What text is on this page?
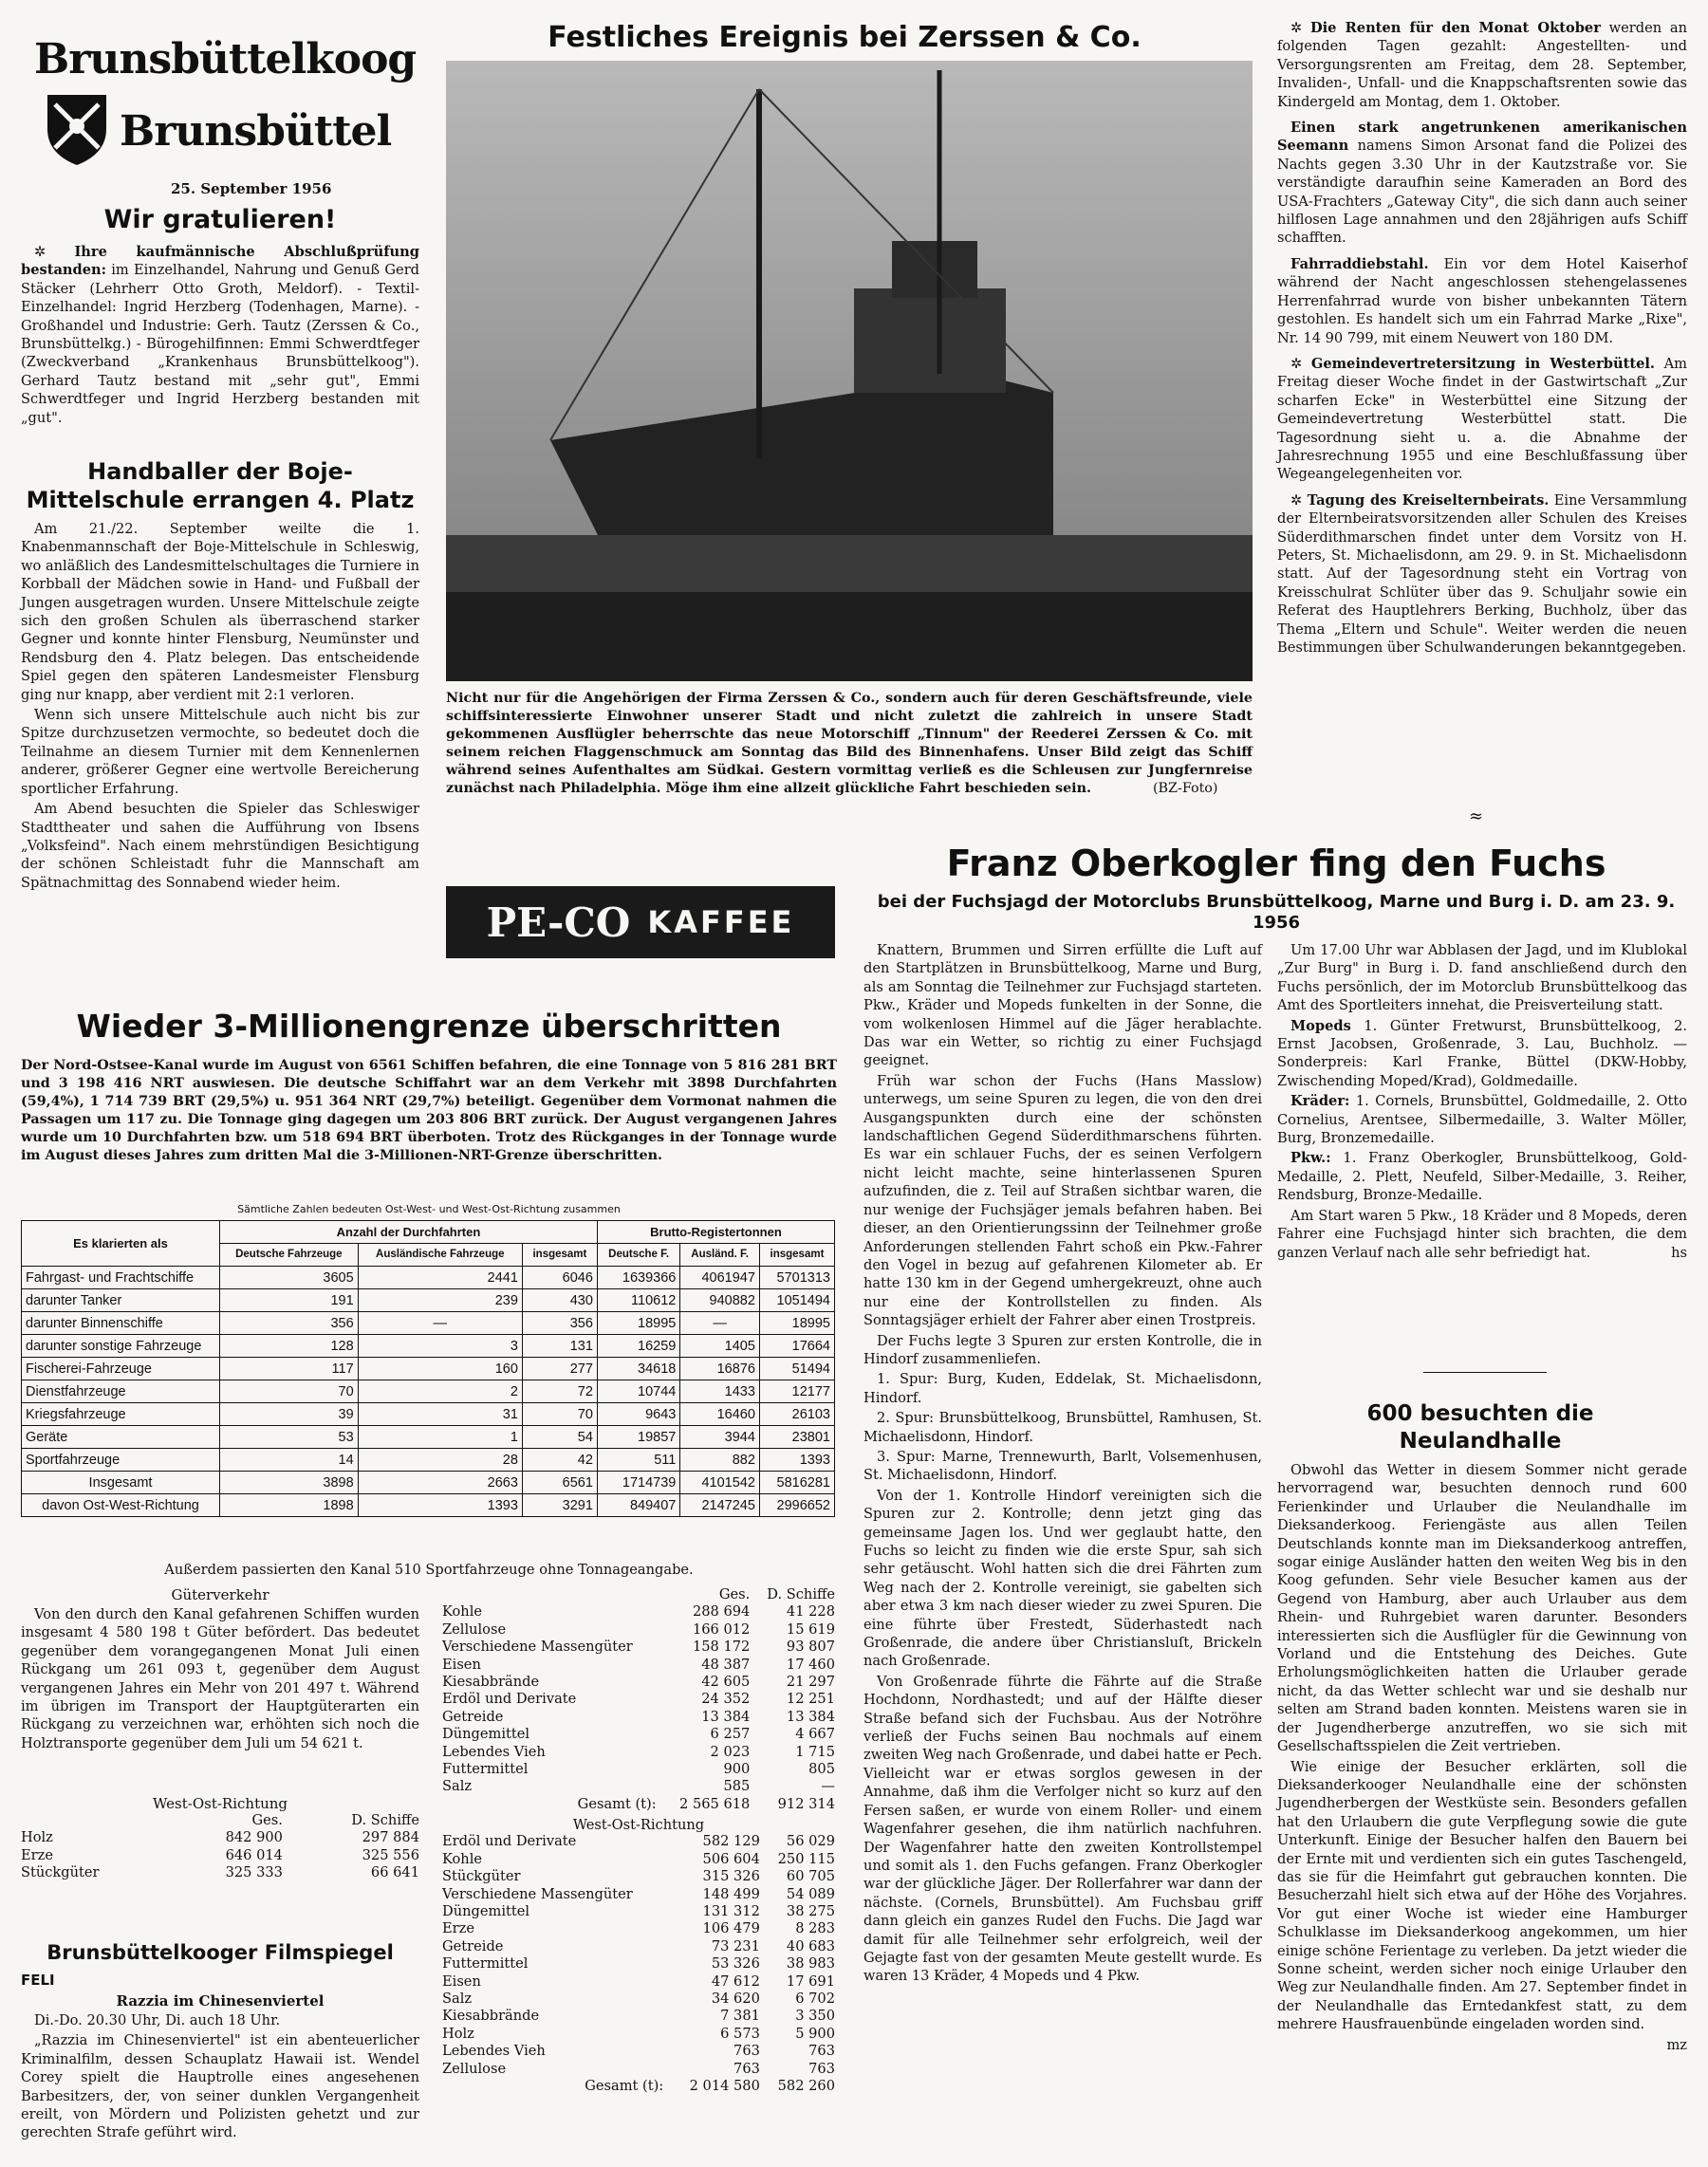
Brunsbüttelkoog
Brunsbüttel
25. September 1956
Wir gratulieren!

✲ Ihre kaufmännische Abschlußprüfung bestanden: im Einzelhandel, Nahrung und Genuß Gerd Stäcker (Lehrherr Otto Groth, Meldorf). - Textil-Einzelhandel: Ingrid Herzberg (Todenhagen, Marne). - Großhandel und Industrie: Gerh. Tautz (Zerssen & Co., Brunsbüttelkg.) - Bürogehilfinnen: Emmi Schwerdtfeger (Zweckverband „Krankenhaus Brunsbüttelkoog"). Gerhard Tautz bestand mit „sehr gut", Emmi Schwerdtfeger und Ingrid Herzberg bestanden mit „gut".

Handballer der Boje-Mittelschule errangen 4. Platz

Am 21./22. September weilte die 1. Knabenmannschaft der Boje-Mittelschule in Schleswig, wo anläßlich des Landesmittelschultages die Turniere in Korbball der Mädchen sowie in Hand- und Fußball der Jungen ausgetragen wurden. Unsere Mittelschule zeigte sich den großen Schulen als überraschend starker Gegner und konnte hinter Flensburg, Neumünster und Rendsburg den 4. Platz belegen. Das entscheidende Spiel gegen den späteren Landesmeister Flensburg ging nur knapp, aber verdient mit 2:1 verloren.

Wenn sich unsere Mittelschule auch nicht bis zur Spitze durchzusetzen vermochte, so bedeutet doch die Teilnahme an diesem Turnier mit dem Kennenlernen anderer, größerer Gegner eine wertvolle Bereicherung sportlicher Erfahrung.

Am Abend besuchten die Spieler das Schleswiger Stadttheater und sahen die Aufführung von Ibsens „Volksfeind". Nach einem mehrstündigen Besichtigung der schönen Schleistadt fuhr die Mannschaft am Spätnachmittag des Sonnabend wieder heim.

Festliches Ereignis bei Zerssen & Co.
Nicht nur für die Angehörigen der Firma Zerssen & Co., sondern auch für deren Geschäftsfreunde, viele schiffsinteressierte Einwohner unserer Stadt und nicht zuletzt die zahlreich in unsere Stadt gekommenen Ausflügler beherrschte das neue Motorschiff „Tinnum" der Reederei Zerssen & Co. mit seinem reichen Flaggenschmuck am Sonntag das Bild des Binnenhafens. Unser Bild zeigt das Schiff während seines Aufenthaltes am Südkai. Gestern vormittag verließ es die Schleusen zur Jungfernreise zunächst nach Philadelphia. Möge ihm eine allzeit glückliche Fahrt beschieden sein.	(BZ-Foto)

✲ Die Renten für den Monat Oktober werden an folgenden Tagen gezahlt: Angestellten- und Versorgungsrenten am Freitag, dem 28. September, Invaliden-, Unfall- und die Knappschaftsrenten sowie das Kindergeld am Montag, dem 1. Oktober.

Einen stark angetrunkenen amerikanischen Seemann namens Simon Arsonat fand die Polizei des Nachts gegen 3.30 Uhr in der Kautzstraße vor. Sie verständigte daraufhin seine Kameraden an Bord des USA-Frachters „Gateway City", die sich dann auch seiner hilflosen Lage annahmen und den 28jährigen aufs Schiff schafften.

Fahrraddiebstahl. Ein vor dem Hotel Kaiserhof während der Nacht angeschlossen stehengelassenes Herrenfahrrad wurde von bisher unbekannten Tätern gestohlen. Es handelt sich um ein Fahrrad Marke „Rixe", Nr. 14 90 799, mit einem Neuwert von 180 DM.

✲ Gemeindevertretersitzung in Westerbüttel. Am Freitag dieser Woche findet in der Gastwirtschaft „Zur scharfen Ecke" in Westerbüttel eine Sitzung der Gemeindevertretung Westerbüttel statt. Die Tagesordnung sieht u. a. die Abnahme der Jahresrechnung 1955 und eine Beschlußfassung über Wegeangelegenheiten vor.

✲ Tagung des Kreiselternbeirats. Eine Versammlung der Elternbeiratsvorsitzenden aller Schulen des Kreises Süderdithmarschen findet unter dem Vorsitz von H. Peters, St. Michaelisdonn, am 29. 9. in St. Michaelisdonn statt. Auf der Tagesordnung steht ein Vortrag von Kreisschulrat Schlüter über das 9. Schuljahr sowie ein Referat des Hauptlehrers Berking, Buchholz, über das Thema „Eltern und Schule". Weiter werden die neuen Bestimmungen über Schulwanderungen bekanntgegeben.

≈
PE-CO KAFFEE
Wieder 3-Millionengrenze überschritten
Der Nord-Ostsee-Kanal wurde im August von 6561 Schiffen befahren, die eine Tonnage von 5 816 281 BRT und 3 198 416 NRT auswiesen. Die deutsche Schiffahrt war an dem Verkehr mit 3898 Durchfahrten (59,4%), 1 714 739 BRT (29,5%) u. 951 364 NRT (29,7%) beteiligt. Gegenüber dem Vormonat nahmen die Passagen um 117 zu. Die Tonnage ging dagegen um 203 806 BRT zurück. Der August vergangenen Jahres wurde um 10 Durchfahrten bzw. um 518 694 BRT überboten. Trotz des Rückganges in der Tonnage wurde im August dieses Jahres zum dritten Mal die 3-Millionen-NRT-Grenze überschritten.
Sämtliche Zahlen bedeuten Ost-West- und West-Ost-Richtung zusammen
Es klarierten als	Anzahl der Durchfahrten			Brutto-Registertonnen		
	Deutsche Fahrzeuge	Ausländische Fahrzeuge	insgesamt	Deutsche F.	Ausländ. F.	insgesamt
Fahrgast- und Frachtschiffe	3605	2441	6046	1639366	4061947	5701313
darunter Tanker	191	239	430	110612	940882	1051494
darunter Binnenschiffe	356	—	356	18995	—	18995
darunter sonstige Fahrzeuge	128	3	131	16259	1405	17664
Fischerei-Fahrzeuge	117	160	277	34618	16876	51494
Dienstfahrzeuge	70	2	72	10744	1433	12177
Kriegsfahrzeuge	39	31	70	9643	16460	26103
Geräte	53	1	54	19857	3944	23801
Sportfahrzeuge	14	28	42	511	882	1393
Insgesamt	3898	2663	6561	1714739	4101542	5816281
davon Ost-West-Richtung	1898	1393	3291	849407	2147245	2996652
Außerdem passierten den Kanal 510 Sportfahrzeuge ohne Tonnageangabe.
Güterverkehr
Von den durch den Kanal gefahrenen Schiffen wurden insgesamt 4 580 198 t Güter befördert. Das bedeutet gegenüber dem vorangegangenen Monat Juli einen Rückgang um 261 093 t, gegenüber dem August vergangenen Jahres ein Mehr von 201 497 t. Während im übrigen im Transport der Hauptgüterarten ein Rückgang zu verzeichnen war, erhöhten sich noch die Holztransporte gegenüber dem Juli um 54 621 t.
West-Ost-Richtung
	Ges.	D. Schiffe
Holz	842 900	297 884
Erze	646 014	325 556
Stückgüter	325 333	66 641
	Ges.	D. Schiffe
Kohle	288 694	41 228
Zellulose	166 012	15 619
Verschiedene Massengüter	158 172	93 807
Eisen	48 387	17 460
Kiesabbrände	42 605	21 297
Erdöl und Derivate	24 352	12 251
Getreide	13 384	13 384
Düngemittel	6 257	4 667
Lebendes Vieh	2 023	1 715
Futtermittel	900	805
Salz	585	—
Gesamt (t):	2 565 618	912 314
West-Ost-Richtung
Erdöl und Derivate	582 129	56 029
Kohle	506 604	250 115
Stückgüter	315 326	60 705
Verschiedene Massengüter	148 499	54 089
Düngemittel	131 312	38 275
Erze	106 479	8 283
Getreide	73 231	40 683
Futtermittel	53 326	38 983
Eisen	47 612	17 691
Salz	34 620	6 702
Kiesabbrände	7 381	3 350
Holz	6 573	5 900
Lebendes Vieh	763	763
Zellulose	763	763
Gesamt (t):	2 014 580	582 260
Brunsbüttelkooger Filmspiegel
FELI
Razzia im Chinesenviertel

Di.-Do. 20.30 Uhr, Di. auch 18 Uhr.

„Razzia im Chinesenviertel" ist ein abenteuerlicher Kriminalfilm, dessen Schauplatz Hawaii ist. Wendel Corey spielt die Hauptrolle eines angesehenen Barbesitzers, der, von seiner dunklen Vergangenheit ereilt, von Mördern und Polizisten gehetzt und zur gerechten Strafe geführt wird.

Franz Oberkogler fing den Fuchs
bei der Fuchsjagd der Motorclubs Brunsbüttelkoog, Marne und Burg i. D. am 23. 9. 1956

Knattern, Brummen und Sirren erfüllte die Luft auf den Startplätzen in Brunsbüttelkoog, Marne und Burg, als am Sonntag die Teilnehmer zur Fuchsjagd starteten. Pkw., Kräder und Mopeds funkelten in der Sonne, die vom wolkenlosen Himmel auf die Jäger herablachte. Das war ein Wetter, so richtig zu einer Fuchsjagd geeignet.

Früh war schon der Fuchs (Hans Masslow) unterwegs, um seine Spuren zu legen, die von den drei Ausgangspunkten durch eine der schönsten landschaftlichen Gegend Süderdithmarschens führten. Es war ein schlauer Fuchs, der es seinen Verfolgern nicht leicht machte, seine hinterlassenen Spuren aufzufinden, die z. Teil auf Straßen sichtbar waren, die nur wenige der Fuchsjäger jemals befahren haben. Bei dieser, an den Orientierungssinn der Teilnehmer große Anforderungen stellenden Fahrt schoß ein Pkw.-Fahrer den Vogel in bezug auf gefahrenen Kilometer ab. Er hatte 130 km in der Gegend umhergekreuzt, ohne auch nur eine der Kontrollstellen zu finden. Als Sonntagsjäger erhielt der Fahrer aber einen Trostpreis.

Der Fuchs legte 3 Spuren zur ersten Kontrolle, die in Hindorf zusammenliefen.

1. Spur: Burg, Kuden, Eddelak, St. Michaelisdonn, Hindorf.

2. Spur: Brunsbüttelkoog, Brunsbüttel, Ramhusen, St. Michaelisdonn, Hindorf.

3. Spur: Marne, Trennewurth, Barlt, Volsemenhusen, St. Michaelisdonn, Hindorf.

Von der 1. Kontrolle Hindorf vereinigten sich die Spuren zur 2. Kontrolle; denn jetzt ging das gemeinsame Jagen los. Und wer geglaubt hatte, den Fuchs so leicht zu finden wie die erste Spur, sah sich sehr getäuscht. Wohl hatten sich die drei Fährten zum Weg nach der 2. Kontrolle vereinigt, sie gabelten sich aber etwa 3 km nach dieser wieder zu zwei Spuren. Die eine führte über Frestedt, Süderhastedt nach Großenrade, die andere über Christiansluſt, Brickeln nach Großenrade.

Von Großenrade führte die Fährte auf die Straße Hochdonn, Nordhastedt; und auf der Hälfte dieser Straße befand sich der Fuchsbau. Aus der Notröhre verließ der Fuchs seinen Bau nochmals auf einem zweiten Weg nach Großenrade, und dabei hatte er Pech. Vielleicht war er etwas sorglos gewesen in der Annahme, daß ihm die Verfolger nicht so kurz auf den Fersen saßen, er wurde von einem Roller- und einem Wagenfahrer gesehen, die ihm natürlich nachfuhren. Der Wagenfahrer hatte den zweiten Kontrollstempel und somit als 1. den Fuchs gefangen. Franz Oberkogler war der glückliche Jäger. Der Rollerfahrer war dann der nächste. (Cornels, Brunsbüttel). Am Fuchsbau griff dann gleich ein ganzes Rudel den Fuchs. Die Jagd war damit für alle Teilnehmer sehr erfolgreich, weil der Gejagte fast von der gesamten Meute gestellt wurde. Es waren 13 Kräder, 4 Mopeds und 4 Pkw.

Um 17.00 Uhr war Abblasen der Jagd, und im Klublokal „Zur Burg" in Burg i. D. fand anschließend durch den Fuchs persönlich, der im Motorclub Brunsbüttelkoog das Amt des Sportleiters innehat, die Preisverteilung statt.

Mopeds 1. Günter Fretwurst, Brunsbüttelkoog, 2. Ernst Jacobsen, Großenrade, 3. Lau, Buchholz. — Sonderpreis: Karl Franke, Büttel (DKW-Hobby, Zwischending Moped/Krad), Goldmedaille.

Kräder: 1. Cornels, Brunsbüttel, Goldmedaille, 2. Otto Cornelius, Arentsee, Silbermedaille, 3. Walter Möller, Burg, Bronzemedaille.

Pkw.: 1. Franz Oberkogler, Brunsbüttelkoog, Gold-Medaille, 2. Plett, Neufeld, Silber-Medaille, 3. Reiher, Rendsburg, Bronze-Medaille.

Am Start waren 5 Pkw., 18 Kräder und 8 Mopeds, deren Fahrer eine Fuchsjagd hinter sich brachten, die dem ganzen Verlauf nach alle sehr befriedigt hat.	hs

600 besuchten die Neulandhalle

Obwohl das Wetter in diesem Sommer nicht gerade hervorragend war, besuchten dennoch rund 600 Ferienkinder und Urlauber die Neulandhalle im Dieksanderkoog. Feriengäste aus allen Teilen Deutschlands konnte man im Dieksanderkoog antreffen, sogar einige Ausländer hatten den weiten Weg bis in den Koog gefunden. Sehr viele Besucher kamen aus der Gegend von Hamburg, aber auch Urlauber aus dem Rhein- und Ruhrgebiet waren darunter. Besonders interessierten sich die Ausflügler für die Gewinnung von Vorland und die Entstehung des Deiches. Gute Erholungsmöglichkeiten hatten die Urlauber gerade nicht, da das Wetter schlecht war und sie deshalb nur selten am Strand baden konnten. Meistens waren sie in der Jugendherberge anzutreffen, wo sie sich mit Gesellschaftsspielen die Zeit vertrieben.

Wie einige der Besucher erklärten, soll die Dieksanderkooger Neulandhalle eine der schönsten Jugendherbergen der Westküste sein. Besonders gefallen hat den Urlaubern die gute Verpflegung sowie die gute Unterkunft. Einige der Besucher halfen den Bauern bei der Ernte mit und verdienten sich ein gutes Taschengeld, das sie für die Heimfahrt gut gebrauchen konnten. Die Besucherzahl hielt sich etwa auf der Höhe des Vorjahres. Vor gut einer Woche ist wieder eine Hamburger Schulklasse im Dieksanderkoog angekommen, um hier einige schöne Ferientage zu verleben. Da jetzt wieder die Sonne scheint, werden sicher noch einige Urlauber den Weg zur Neulandhalle finden. Am 27. September findet in der Neulandhalle das Erntedankfest statt, zu dem mehrere Hausfrauenbünde eingeladen worden sind.

mz
